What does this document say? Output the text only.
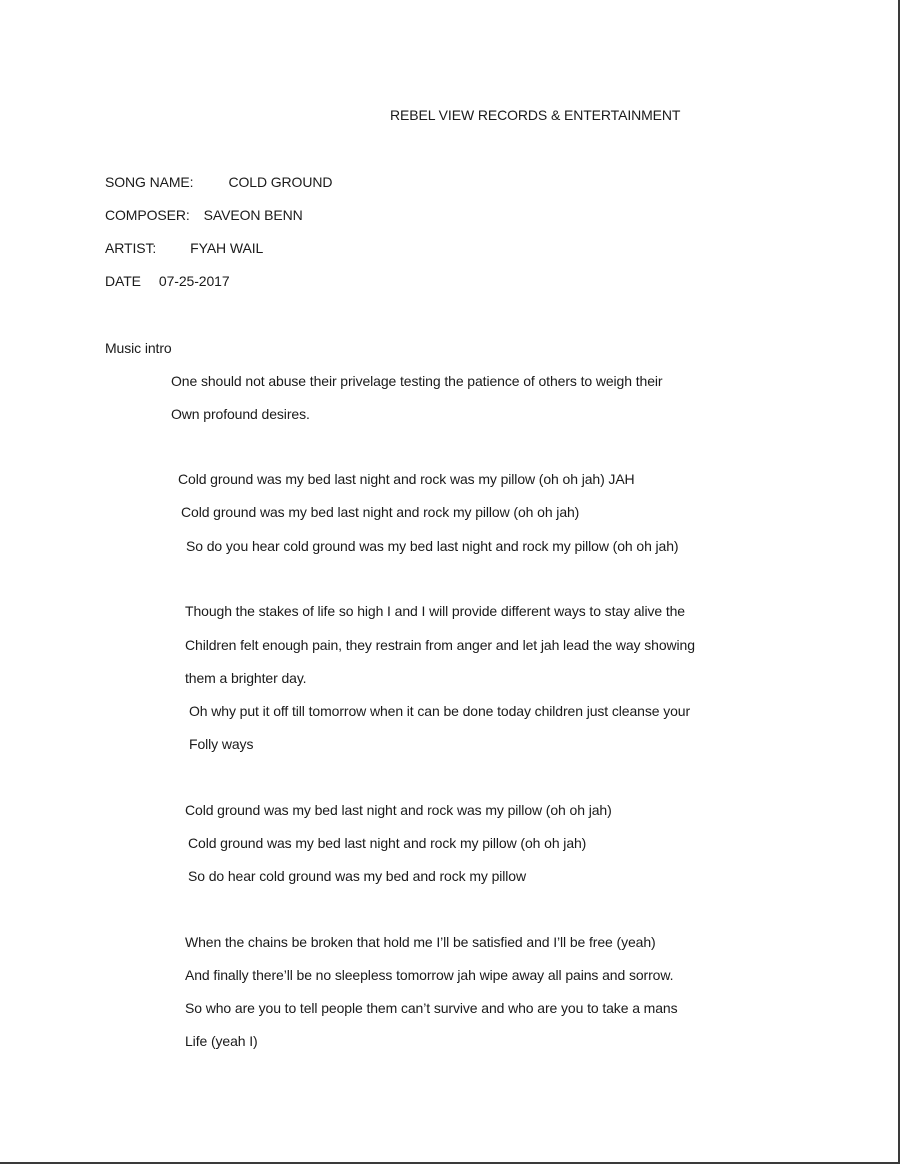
REBEL VIEW RECORDS & ENTERTAINMENT
SONG NAME:	COLD GROUND
COMPOSER: SAVEON BENN
ARTIST: FYAH WAIL
DATE 07-25-2017
Music intro
One should not abuse their privelage testing the patience of others to weigh their
Own profound desires.
Cold ground was my bed last night and rock was my pillow (oh oh jah) JAH
Cold ground was my bed last night and rock my pillow (oh oh jah)
So do you hear cold ground was my bed last night and rock my pillow (oh oh jah)
Though the stakes of life so high I and I will provide different ways to stay alive the
Children felt enough pain, they restrain from anger and let jah lead the way showing
them a brighter day.
Oh why put it off till tomorrow when it can be done today children just cleanse your
Folly ways
Cold ground was my bed last night and rock was my pillow (oh oh jah)
Cold ground was my bed last night and rock my pillow (oh oh jah)
So do hear cold ground was my bed and rock my pillow
When the chains be broken that hold me I’ll be satisfied and I’ll be free (yeah)
And finally there’ll be no sleepless tomorrow jah wipe away all pains and sorrow.
So who are you to tell people them can’t survive and who are you to take a mans
Life (yeah I)
